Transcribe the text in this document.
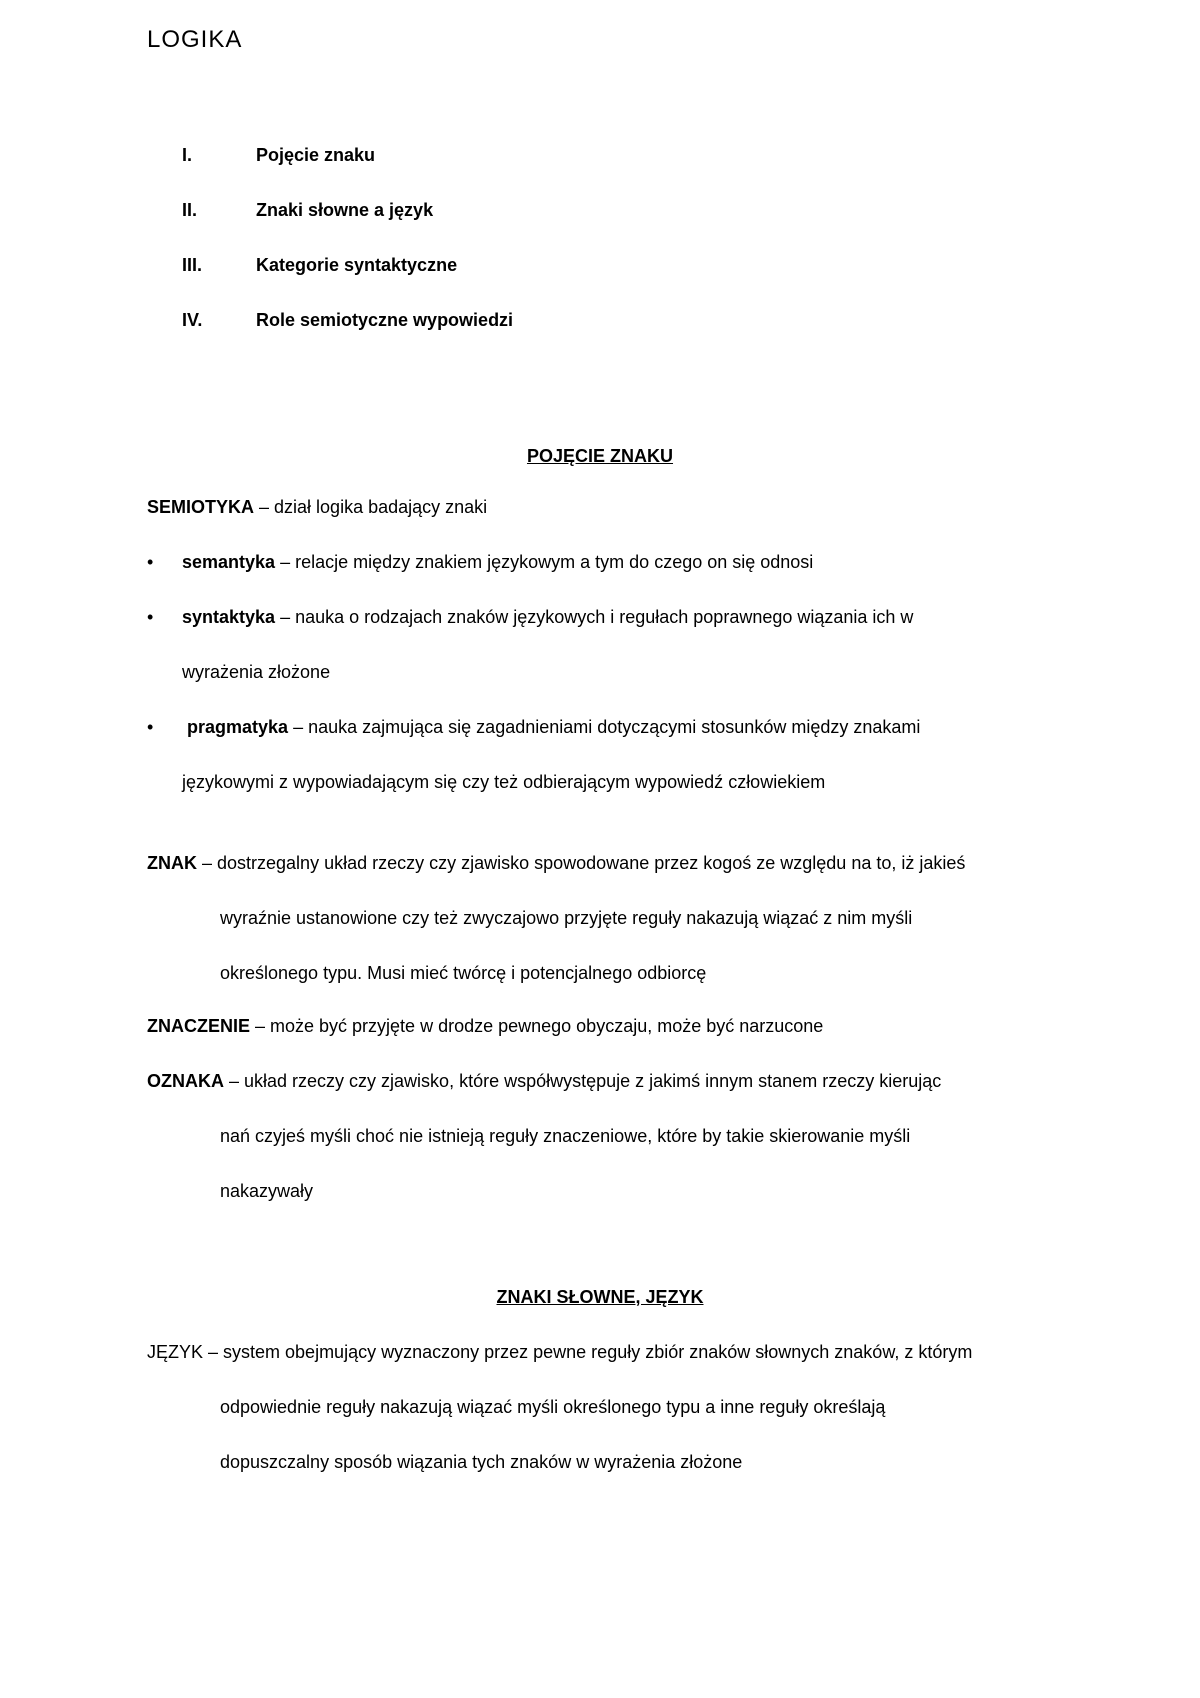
LOGIKA
I.	Pojęcie znaku
II.	Znaki słowne a język
III.	Kategorie syntaktyczne
IV.	Role semiotyczne wypowiedzi
POJĘCIE ZNAKU
SEMIOTYKA – dział logika badający znaki
• semantyka – relacje między znakiem językowym a tym do czego on się odnosi
• syntaktyka – nauka o rodzajach znaków językowych i regułach poprawnego wiązania ich w
wyrażenia złożone
• pragmatyka – nauka zajmująca się zagadnieniami dotyczącymi stosunków między znakami
językowymi z wypowiadającym się czy też odbierającym wypowiedź człowiekiem
ZNAK – dostrzegalny układ rzeczy czy zjawisko spowodowane przez kogoś ze względu na to, iż jakieś
wyraźnie ustanowione czy też zwyczajowo przyjęte reguły nakazują wiązać z nim myśli
określonego typu. Musi mieć twórcę i potencjalnego odbiorcę
ZNACZENIE – może być przyjęte w drodze pewnego obyczaju, może być narzucone
OZNAKA – układ rzeczy czy zjawisko, które współwystępuje z jakimś innym stanem rzeczy kierując
nań czyjeś myśli choć nie istnieją reguły znaczeniowe, które by takie skierowanie myśli
nakazywały
ZNAKI SŁOWNE, JĘZYK
JĘZYK – system obejmujący wyznaczony przez pewne reguły zbiór znaków słownych znaków, z którym
odpowiednie reguły nakazują wiązać myśli określonego typu a inne reguły określają
dopuszczalny sposób wiązania tych znaków w wyrażenia złożone
